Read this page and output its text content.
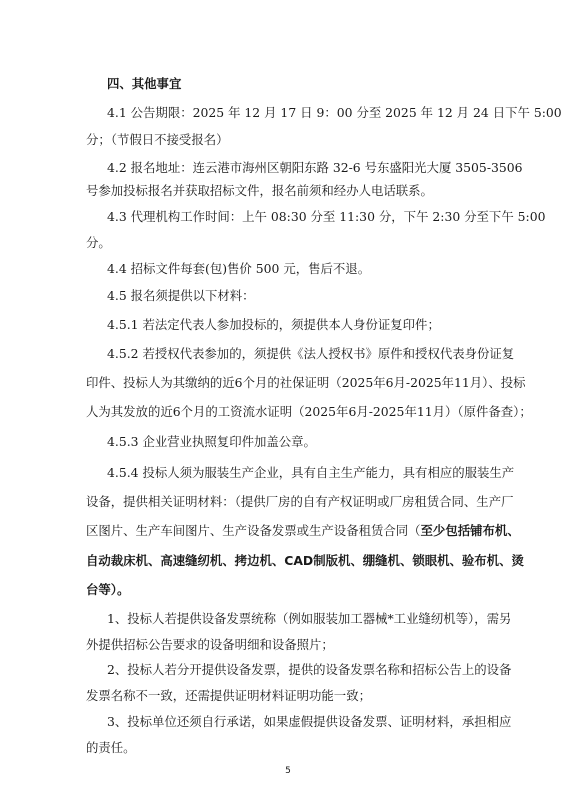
四、其他事宜
4.1 公告期限：2025 年 12 月 17 日 9：00 分至 2025 年 12 月 24 日下午 5:00
分；（节假日不接受报名）
4.2 报名地址：连云港市海州区朝阳东路 32-6 号东盛阳光大厦 3505-3506
号参加投标报名并获取招标文件，报名前须和经办人电话联系。
4.3 代理机构工作时间：上午 08:30 分至 11:30 分，下午 2:30 分至下午 5:00
分。
4.4 招标文件每套(包)售价 500 元，售后不退。
4.5 报名须提供以下材料：
4.5.1 若法定代表人参加投标的，须提供本人身份证复印件；
4.5.2 若授权代表参加的，须提供《法人授权书》原件和授权代表身份证复
印件、投标人为其缴纳的近6个月的社保证明（2025年6月-2025年11月）、投标
人为其发放的近6个月的工资流水证明（2025年6月-2025年11月）（原件备查）；
4.5.3 企业营业执照复印件加盖公章。
4.5.4 投标人须为服装生产企业，具有自主生产能力，具有相应的服装生产
设备，提供相关证明材料：（提供厂房的自有产权证明或厂房租赁合同、生产厂
区图片、生产车间图片、生产设备发票或生产设备租赁合同（至少包括铺布机、
自动裁床机、高速缝纫机、拷边机、CAD制版机、绷缝机、锁眼机、验布机、烫
台等）。
1、投标人若提供设备发票统称（例如服装加工器械*工业缝纫机等），需另
外提供招标公告要求的设备明细和设备照片；
2、投标人若分开提供设备发票，提供的设备发票名称和招标公告上的设备
发票名称不一致，还需提供证明材料证明功能一致；
3、投标单位还须自行承诺，如果虚假提供设备发票、证明材料，承担相应
的责任。
5
